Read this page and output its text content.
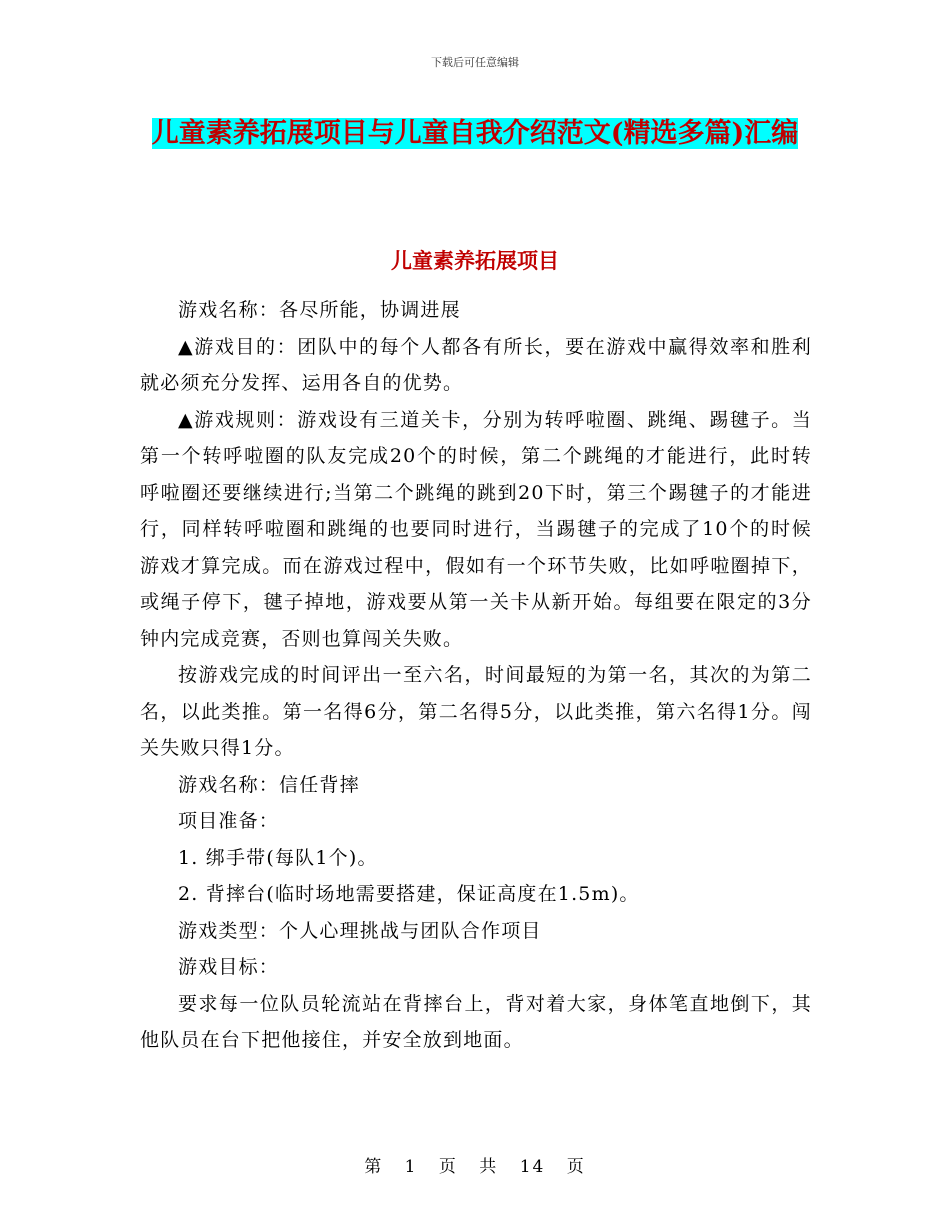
下载后可任意编辑
儿童素养拓展项目与儿童自我介绍范文(精选多篇)汇编
儿童素养拓展项目

游戏名称：各尽所能，协调进展

▲游戏目的：团队中的每个人都各有所长，要在游戏中赢得效率和胜利就必须充分发挥、运用各自的优势。

▲游戏规则：游戏设有三道关卡，分别为转呼啦圈、跳绳、踢毽子。当第一个转呼啦圈的队友完成20个的时候，第二个跳绳的才能进行，此时转呼啦圈还要继续进行;当第二个跳绳的跳到20下时，第三个踢毽子的才能进行，同样转呼啦圈和跳绳的也要同时进行，当踢毽子的完成了10个的时候游戏才算完成。而在游戏过程中，假如有一个环节失败，比如呼啦圈掉下，或绳子停下，毽子掉地，游戏要从第一关卡从新开始。每组要在限定的3分钟内完成竞赛，否则也算闯关失败。

按游戏完成的时间评出一至六名，时间最短的为第一名，其次的为第二名，以此类推。第一名得6分，第二名得5分，以此类推，第六名得1分。闯关失败只得1分。

游戏名称：信任背摔

项目准备：

1. 绑手带(每队1个)。

2. 背摔台(临时场地需要搭建，保证高度在1.5m)。

游戏类型：个人心理挑战与团队合作项目

游戏目标：

要求每一位队员轮流站在背摔台上，背对着大家，身体笔直地倒下，其他队员在台下把他接住，并安全放到地面。

第 1 页 共 14 页
